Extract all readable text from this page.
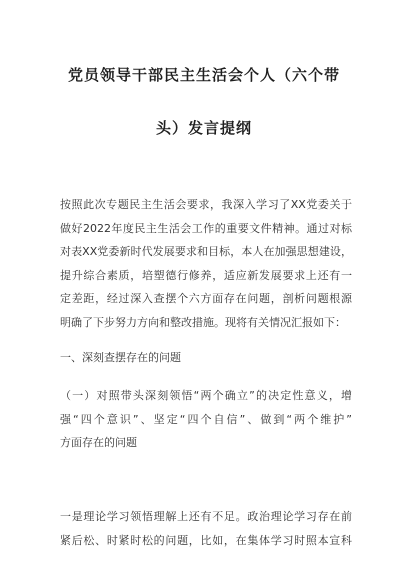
党员领导干部民主生活会个人（六个带
头）发言提纲
按照此次专题民主生活会要求，我深入学习了XX党委关于
做好2022年度民主生活会工作的重要文件精神。通过对标
对表XX党委新时代发展要求和目标，本人在加强思想建设，
提升综合素质，培塑德行修养，适应新发展要求上还有一
定差距，经过深入查摆个六方面存在问题，剖析问题根源
明确了下步努力方向和整改措施。现将有关情况汇报如下：
一、深刻查摆存在的问题
（一）对照带头深刻领悟“两个确立”的决定性意义，增
强“四个意识”、坚定“四个自信”、做到“两个维护”
方面存在的问题
一是理论学习领悟理解上还有不足。政治理论学习存在前
紧后松、时紧时松的问题，比如，在集体学习时照本宣科
